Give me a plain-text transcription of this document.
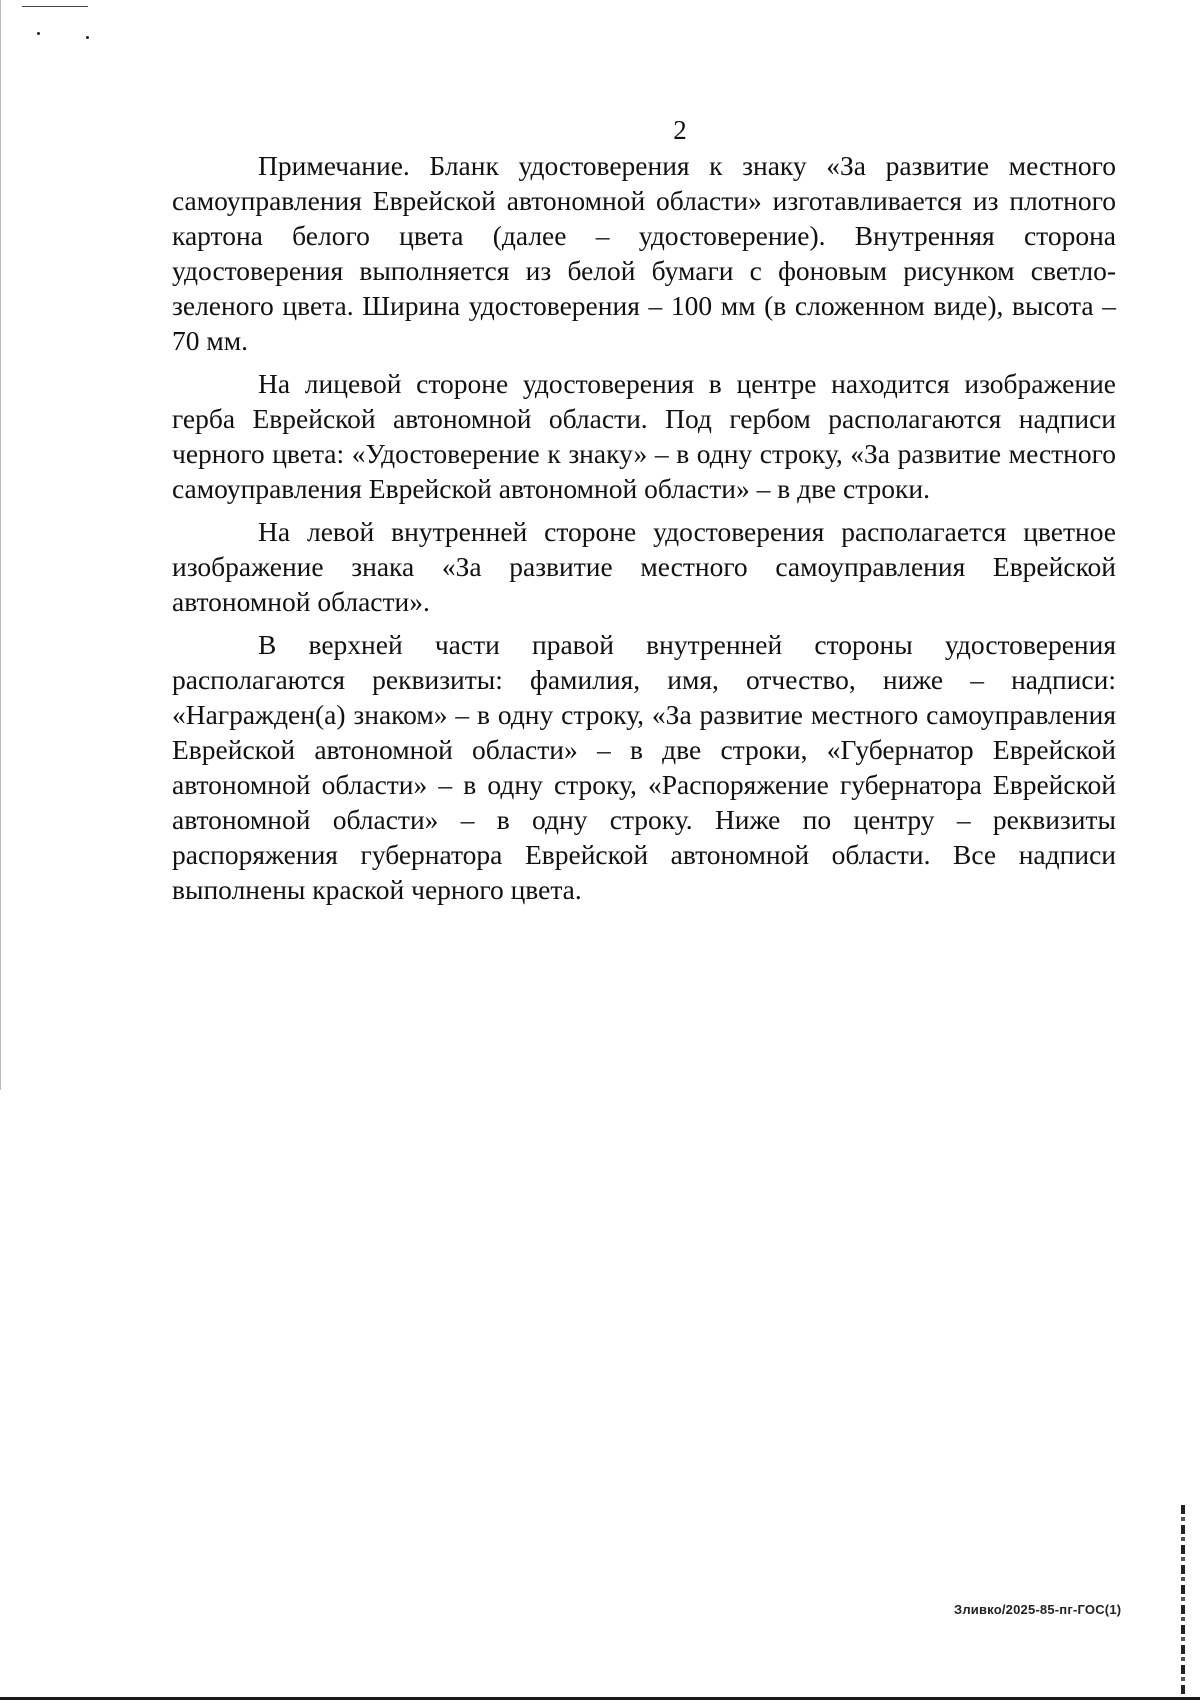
2

Примечание. Бланк удостоверения к знаку «За развитие местного самоуправления Еврейской автономной области» изготавливается из плотного картона белого цвета (далее – удостоверение). Внутренняя сторона удостоверения выполняется из белой бумаги с фоновым рисунком светло-зеленого цвета. Ширина удостоверения – 100 мм (в сложенном виде), высота – 70 мм.

На лицевой стороне удостоверения в центре находится изображение герба Еврейской автономной области. Под гербом располагаются надписи черного цвета: «Удостоверение к знаку» – в одну строку, «За развитие местного самоуправления Еврейской автономной области» – в две строки.

На левой внутренней стороне удостоверения располагается цветное изображение знака «За развитие местного самоуправления Еврейской автономной области».

В верхней части правой внутренней стороны удостоверения располагаются реквизиты: фамилия, имя, отчество, ниже – надписи: «Награжден(а) знаком» – в одну строку, «За развитие местного самоуправления Еврейской автономной области» – в две строки, «Губернатор Еврейской автономной области» – в одну строку, «Распоряжение губернатора Еврейской автономной области» – в одну строку. Ниже по центру – реквизиты распоряжения губернатора Еврейской автономной области. Все надписи выполнены краской черного цвета.

Зливко/2025-85-пг-ГОС(1)
